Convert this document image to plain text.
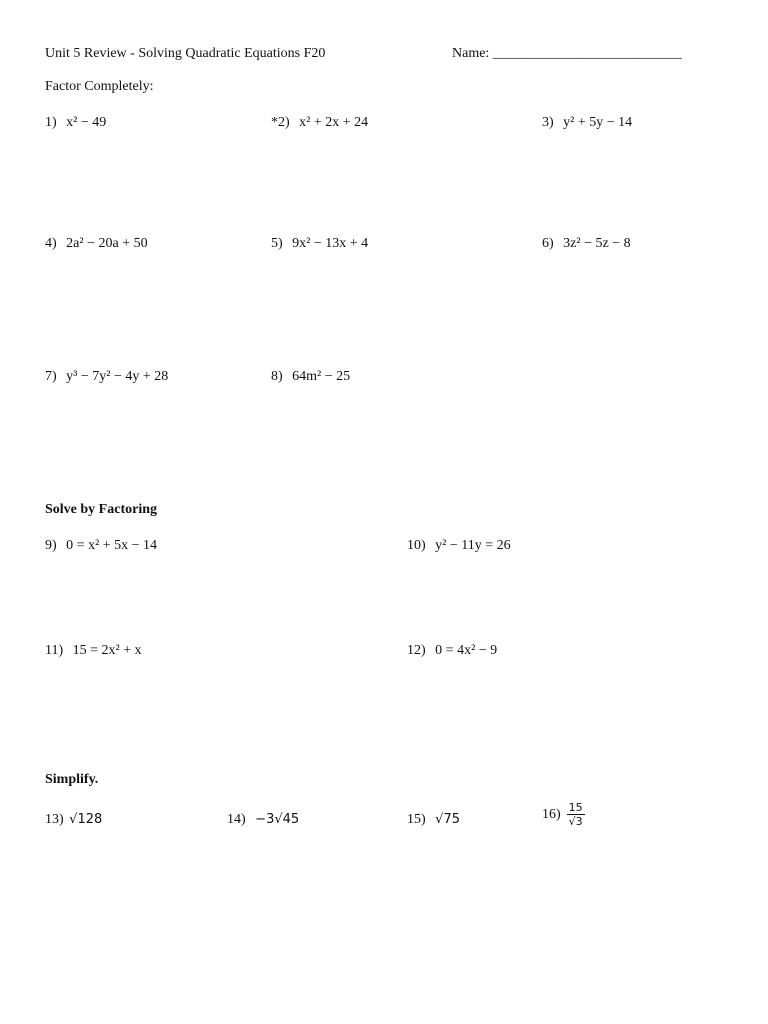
Unit 5 Review - Solving Quadratic Equations F20	Name: ___________________________
Factor Completely:
1) x² − 49	*2) x² + 2x + 24	3) y² + 5y − 14
4) 2a² − 20a + 50	5) 9x² − 13x + 4	6) 3z² − 5z − 8
7) y³ − 7y² − 4y + 28	8) 64m² − 25
Solve by Factoring
9) 0 = x² + 5x − 14	10) y² − 11y = 26
11) 15 = 2x² + x	12) 0 = 4x² − 9
Simplify.
13) √128	14) −3√45	15) √75	$16) \frac{15}{√3}$
